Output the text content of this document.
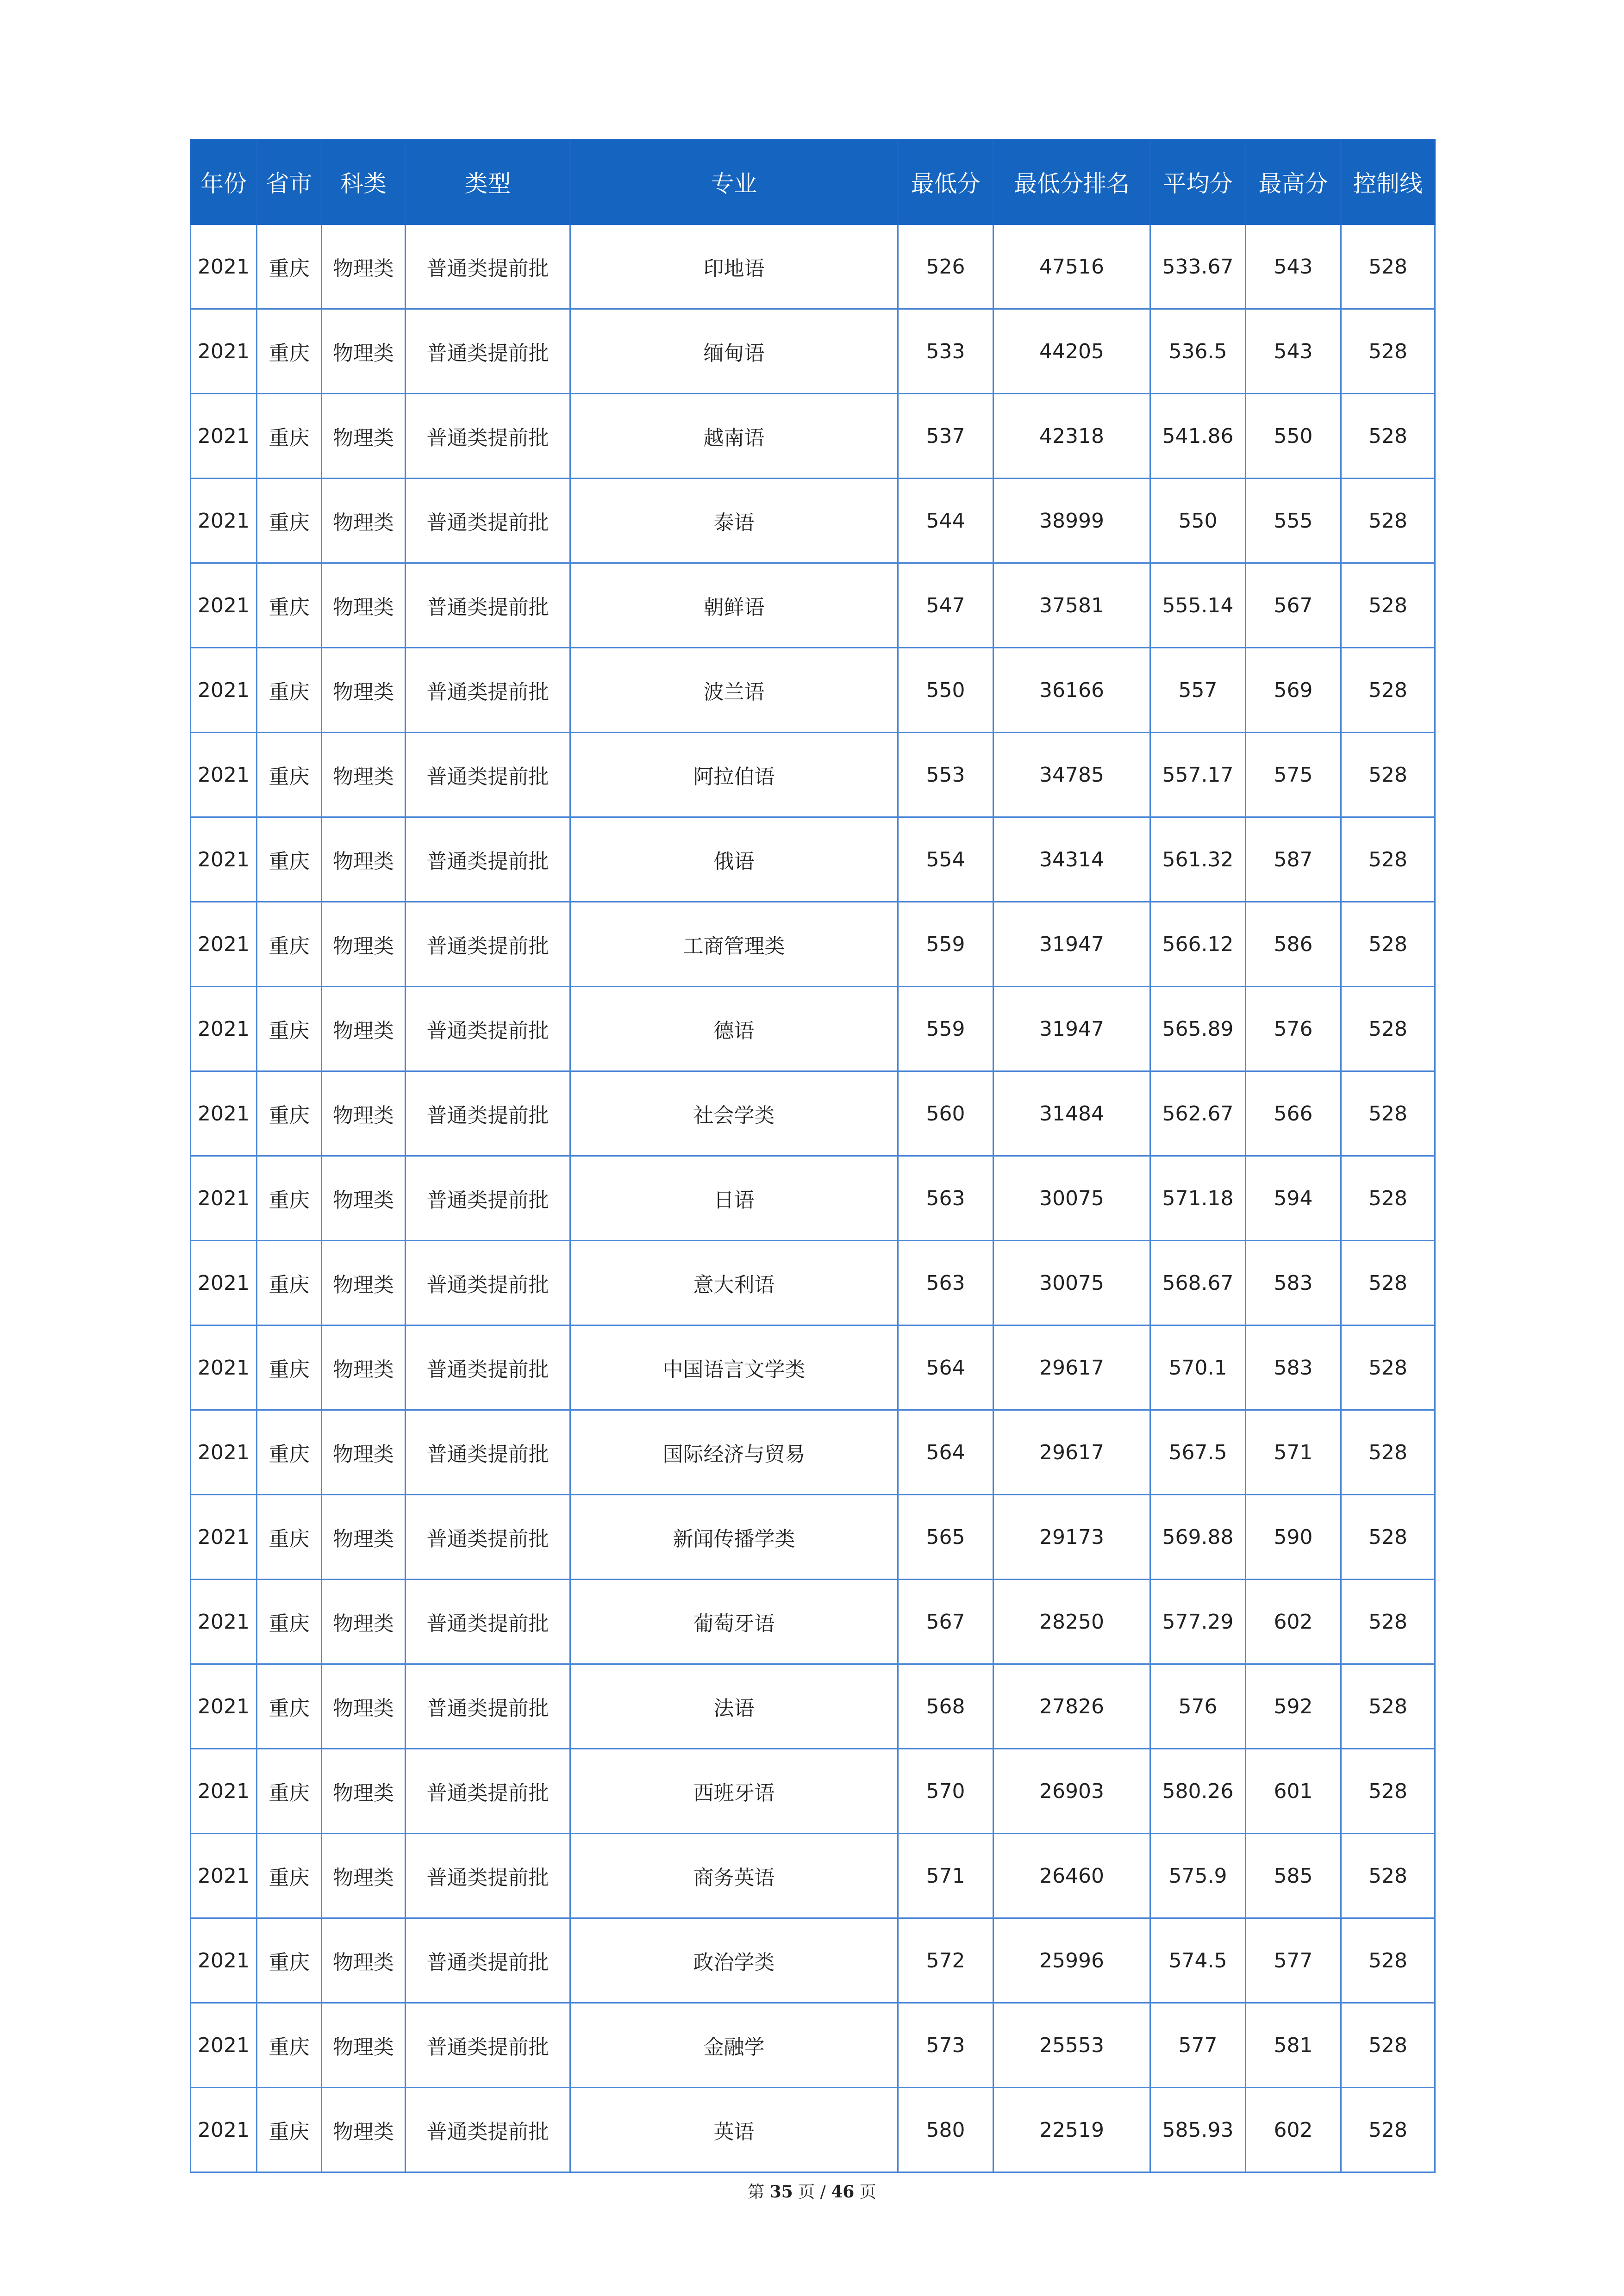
年份	省市	科类	类型	专业	最低分	最低分排名	平均分	最高分	控制线
2021	重庆	物理类	普通类提前批	印地语	526	47516	533.67	543	528
2021	重庆	物理类	普通类提前批	缅甸语	533	44205	536.5	543	528
2021	重庆	物理类	普通类提前批	越南语	537	42318	541.86	550	528
2021	重庆	物理类	普通类提前批	泰语	544	38999	550	555	528
2021	重庆	物理类	普通类提前批	朝鲜语	547	37581	555.14	567	528
2021	重庆	物理类	普通类提前批	波兰语	550	36166	557	569	528
2021	重庆	物理类	普通类提前批	阿拉伯语	553	34785	557.17	575	528
2021	重庆	物理类	普通类提前批	俄语	554	34314	561.32	587	528
2021	重庆	物理类	普通类提前批	工商管理类	559	31947	566.12	586	528
2021	重庆	物理类	普通类提前批	德语	559	31947	565.89	576	528
2021	重庆	物理类	普通类提前批	社会学类	560	31484	562.67	566	528
2021	重庆	物理类	普通类提前批	日语	563	30075	571.18	594	528
2021	重庆	物理类	普通类提前批	意大利语	563	30075	568.67	583	528
2021	重庆	物理类	普通类提前批	中国语言文学类	564	29617	570.1	583	528
2021	重庆	物理类	普通类提前批	国际经济与贸易	564	29617	567.5	571	528
2021	重庆	物理类	普通类提前批	新闻传播学类	565	29173	569.88	590	528
2021	重庆	物理类	普通类提前批	葡萄牙语	567	28250	577.29	602	528
2021	重庆	物理类	普通类提前批	法语	568	27826	576	592	528
2021	重庆	物理类	普通类提前批	西班牙语	570	26903	580.26	601	528
2021	重庆	物理类	普通类提前批	商务英语	571	26460	575.9	585	528
2021	重庆	物理类	普通类提前批	政治学类	572	25996	574.5	577	528
2021	重庆	物理类	普通类提前批	金融学	573	25553	577	581	528
2021	重庆	物理类	普通类提前批	英语	580	22519	585.93	602	528
第 35 页 / 46 页
